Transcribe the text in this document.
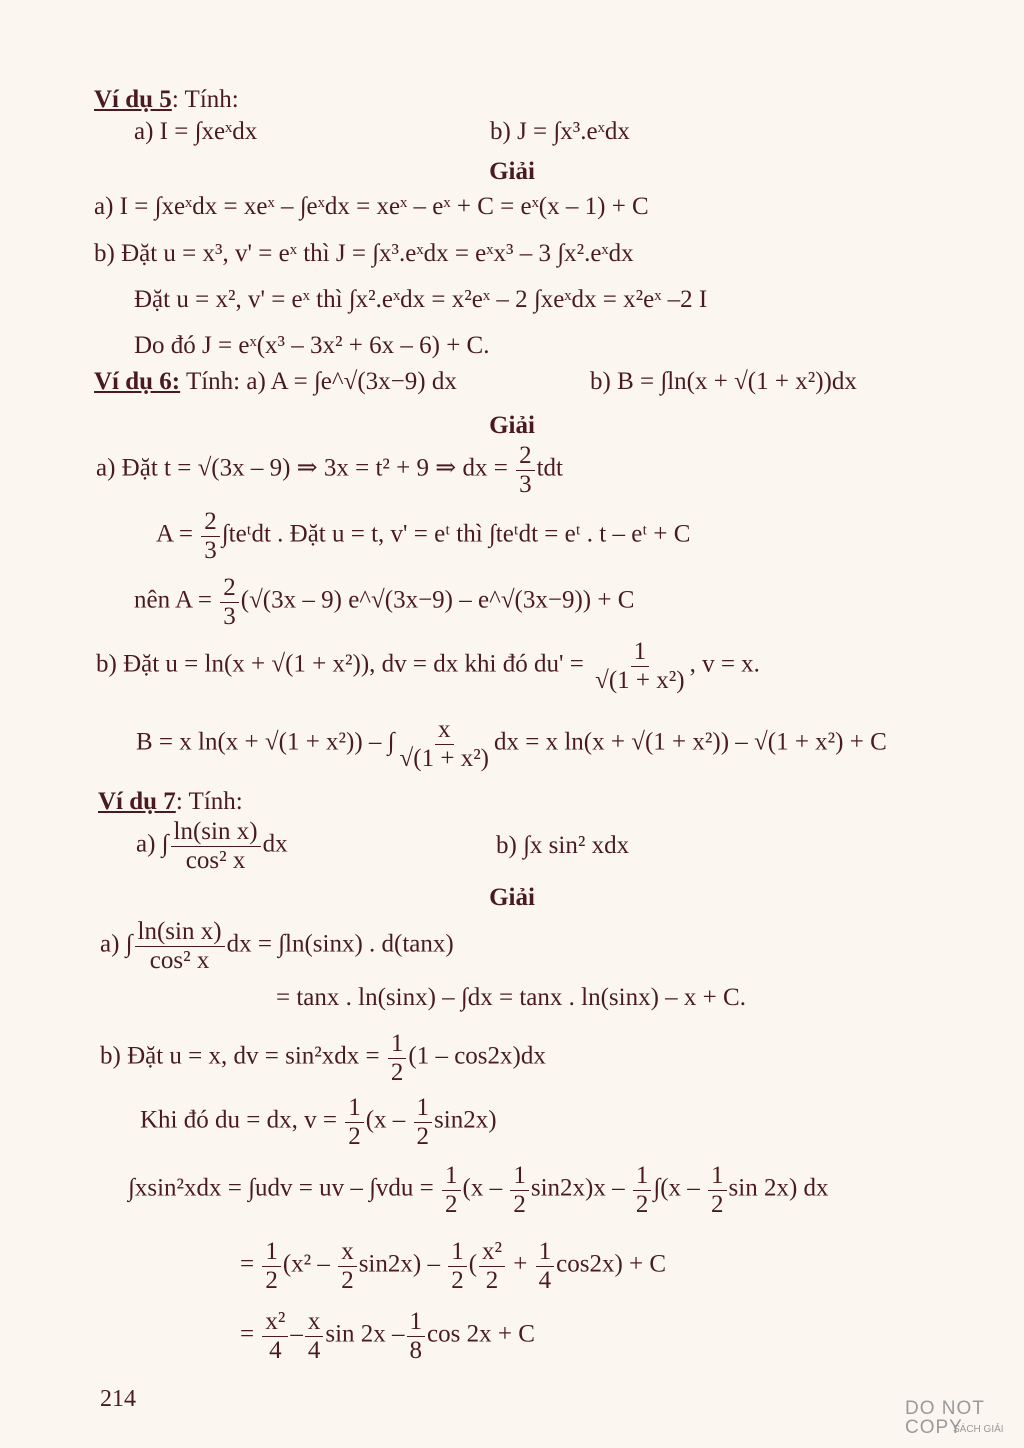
Ví dụ 5: Tính:
a) I = ∫xeˣdx	b) J = ∫x³.eˣdx
Giải
a) I = ∫xeˣdx = xeˣ – ∫eˣdx = xeˣ – eˣ + C = eˣ(x – 1) + C
b) Đặt u = x³, v' = eˣ thì J = ∫x³.eˣdx = eˣx³ – 3 ∫x².eˣdx
Đặt u = x², v' = eˣ thì ∫x².eˣdx = x²eˣ – 2 ∫xeˣdx = x²eˣ –2 I
Do đó J = eˣ(x³ – 3x² + 6x – 6) + C.
Ví dụ 6: Tính: a) A = ∫e^√(3x−9) dx	b) B = ∫ln(x + √(1 + x²))dx
Giải
a) Đặt t = √(3x – 9) ⇒ 3x = t² + 9 ⇒ dx = $\frac{2}{3}$ tdt
$A = \frac{2}{3}$ ∫teᵗdt . Đặt u = t, v' = eᵗ thì ∫teᵗdt = eᵗ . t – eᵗ + C
nên $A = \frac{2}{3} (√(3x - 9)$ e^√(3x−9) – e^√(3x−9)) + C
b) Đặt u = ln(x + √(1 + x²)), dv = dx khi đó $du' = \frac{1}{\text{√(1 + x²)}}$ , v = x.
B = x ln(x + √(1 + x²)) – ∫ $\frac{x}{\text{√(1 + x²)}}$ dx = x ln(x + √(1 + x²)) – √(1 + x²) + C
Ví dụ 7: Tính:
a) ∫ $\frac{\text{ln(sin x)}}{\text{cos² x}}$ dx	b) ∫x sin² xdx
Giải
a) ∫ $\frac{\text{ln(sin x)}}{\text{cos² x}}$ dx = ∫ln(sinx) . d(tanx)
= tanx . ln(sinx) – ∫dx = tanx . ln(sinx) – x + C.
b) Đặt u = x, dv = $\sin^2xdx = \frac{1}{2} (1 - \cos 2x)dx$
Khi đó du = dx, $v = \frac{1}{2} (x - \frac{1}{2} \sin 2x)$
∫xsin²xdx = ∫udv = uv – $\int vdu = \frac{1}{2} (x - \frac{1}{2} \sin 2x)x - \frac{1}{2} \int(x - \frac{1}{2}$ sin 2x) dx
= $\frac{1}{2} (x^2 - \frac{x}{2} \sin 2x) - \frac{1}{2}$ ( $\frac{\text{x²}}{2} + \frac{1}{4} \cos 2x) + C$
= $\frac{\text{x²}}{4} - \frac{x}{4}$ $\sin 2x - \frac{1}{8}$ cos 2x + C
214	DO NOT COPY
SÁCH GIẢI
